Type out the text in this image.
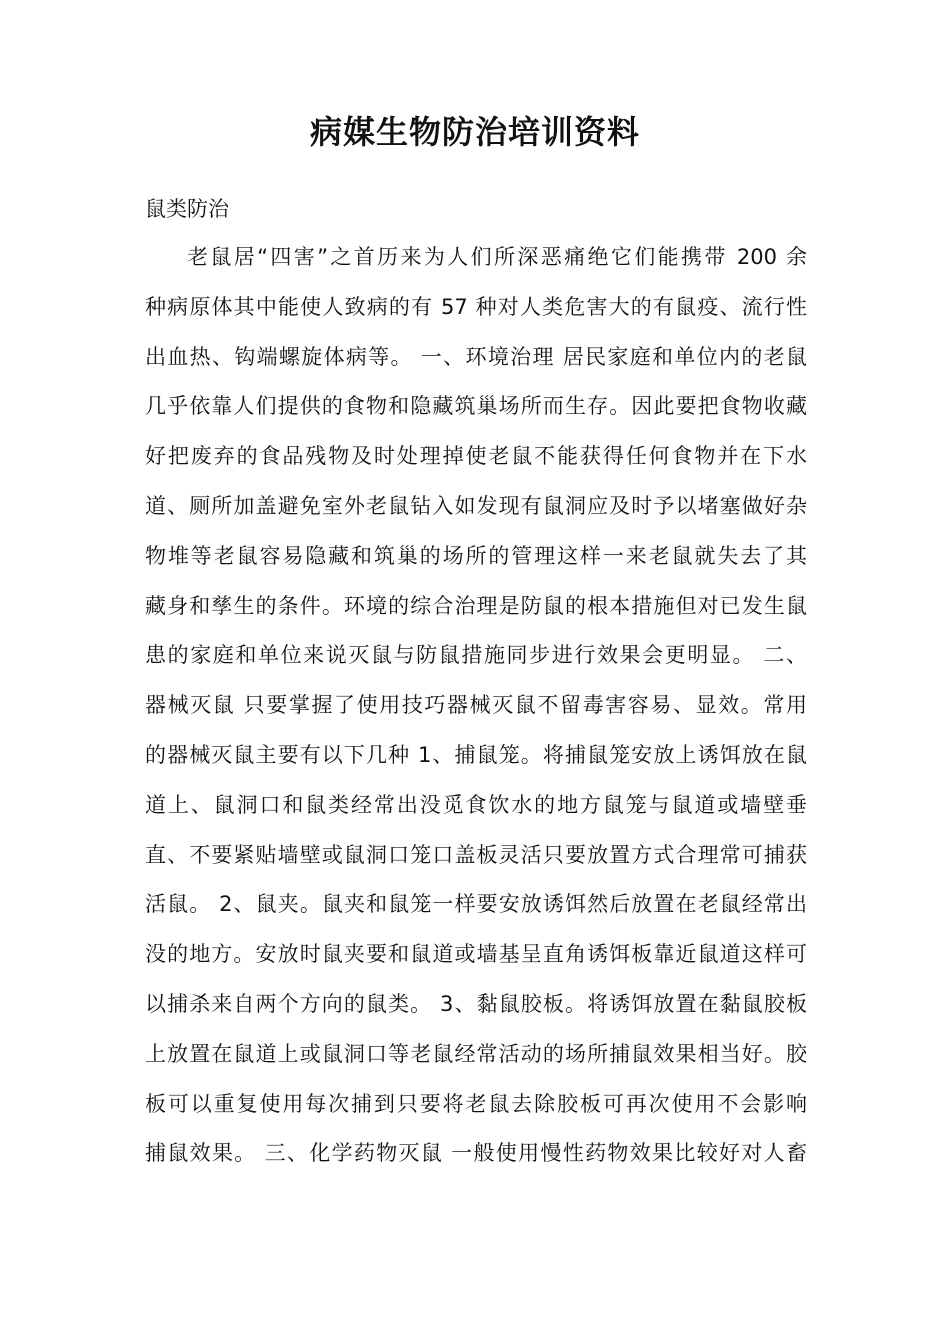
病媒生物防治培训资料

鼠类防治

老鼠居“四害”之首历来为人们所深恶痛绝它们能携带 200 余
种病原体其中能使人致病的有 57 种对人类危害大的有鼠疫、流行性
出血热、钩端螺旋体病等。 一、环境治理 居民家庭和单位内的老鼠
几乎依靠人们提供的食物和隐藏筑巢场所而生存。因此要把食物收藏
好把废弃的食品残物及时处理掉使老鼠不能获得任何食物并在下水
道、厕所加盖避免室外老鼠钻入如发现有鼠洞应及时予以堵塞做好杂
物堆等老鼠容易隐藏和筑巢的场所的管理这样一来老鼠就失去了其
藏身和孳生的条件。环境的综合治理是防鼠的根本措施但对已发生鼠
患的家庭和单位来说灭鼠与防鼠措施同步进行效果会更明显。 二、
器械灭鼠 只要掌握了使用技巧器械灭鼠不留毒害容易、显效。常用
的器械灭鼠主要有以下几种 1、捕鼠笼。将捕鼠笼安放上诱饵放在鼠
道上、鼠洞口和鼠类经常出没觅食饮水的地方鼠笼与鼠道或墙壁垂
直、不要紧贴墙壁或鼠洞口笼口盖板灵活只要放置方式合理常可捕获
活鼠。 2、鼠夹。鼠夹和鼠笼一样要安放诱饵然后放置在老鼠经常出
没的地方。安放时鼠夹要和鼠道或墙基呈直角诱饵板靠近鼠道这样可
以捕杀来自两个方向的鼠类。 3、黏鼠胶板。将诱饵放置在黏鼠胶板
上放置在鼠道上或鼠洞口等老鼠经常活动的场所捕鼠效果相当好。胶
板可以重复使用每次捕到只要将老鼠去除胶板可再次使用不会影响
捕鼠效果。 三、化学药物灭鼠 一般使用慢性药物效果比较好对人畜
